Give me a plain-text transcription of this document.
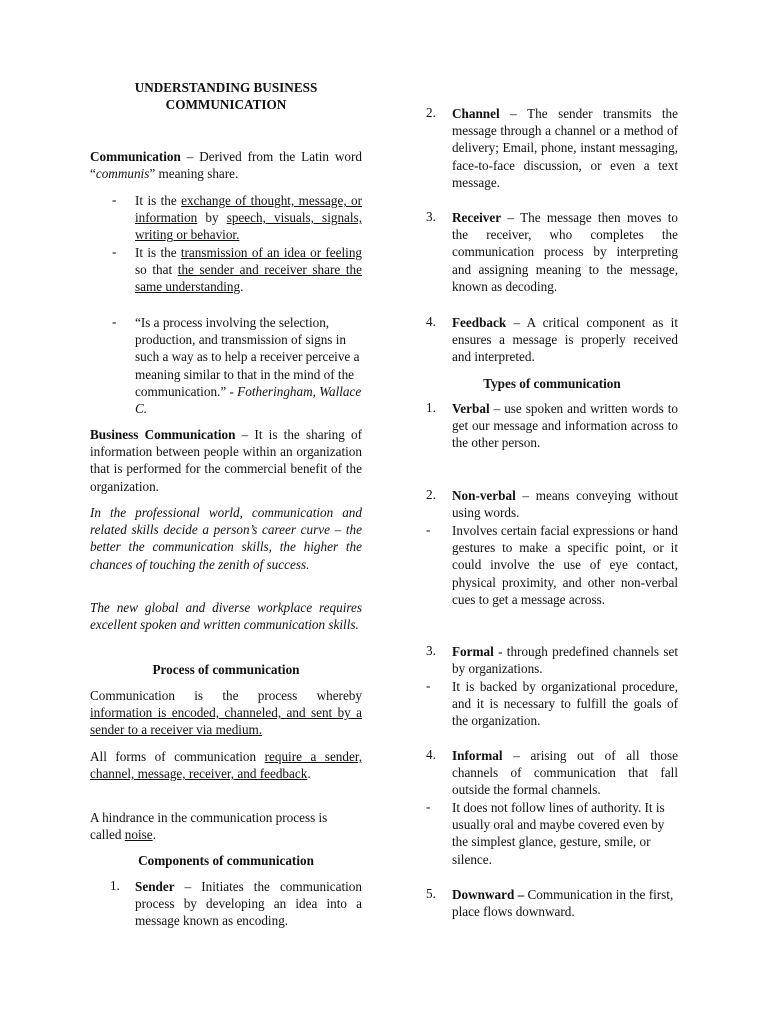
UNDERSTANDING BUSINESS

COMMUNICATION

Communication – Derived from the Latin word “communis” meaning share.

- It is the exchange of thought, message, or information by speech, visuals, signals, writing or behavior.

- It is the transmission of an idea or feeling so that the sender and receiver share the same understanding.

- “Is a process involving the selection, production, and transmission of signs in such a way as to help a receiver perceive a meaning similar to that in the mind of the communication.” - Fotheringham, Wallace C.

Business Communication – It is the sharing of information between people within an organization that is performed for the commercial benefit of the organization.

In the professional world, communication and related skills decide a person’s career curve – the better the communication skills, the higher the chances of touching the zenith of success.

The new global and diverse workplace requires excellent spoken and written communication skills.

Process of communication

Communication is the process whereby information is encoded, channeled, and sent by a sender to a receiver via medium.

All forms of communication require a sender, channel, message, receiver, and feedback.

A hindrance in the communication process is called noise.

Components of communication

1. Sender – Initiates the communication process by developing an idea into a message known as encoding.

2. Channel – The sender transmits the message through a channel or a method of delivery; Email, phone, instant messaging, face-to-face discussion, or even a text message.

3. Receiver – The message then moves to the receiver, who completes the communication process by interpreting and assigning meaning to the message, known as decoding.

4. Feedback – A critical component as it ensures a message is properly received and interpreted.

Types of communication

1. Verbal – use spoken and written words to get our message and information across to the other person.

2. Non-verbal – means conveying without using words.

- Involves certain facial expressions or hand gestures to make a specific point, or it could involve the use of eye contact, physical proximity, and other non-verbal cues to get a message across.

3. Formal - through predefined channels set by organizations.

- It is backed by organizational procedure, and it is necessary to fulfill the goals of the organization.

4. Informal – arising out of all those channels of communication that fall outside the formal channels.

- It does not follow lines of authority. It is usually oral and maybe covered even by the simplest glance, gesture, smile, or silence.

5. Downward – Communication in the first, place flows downward.
